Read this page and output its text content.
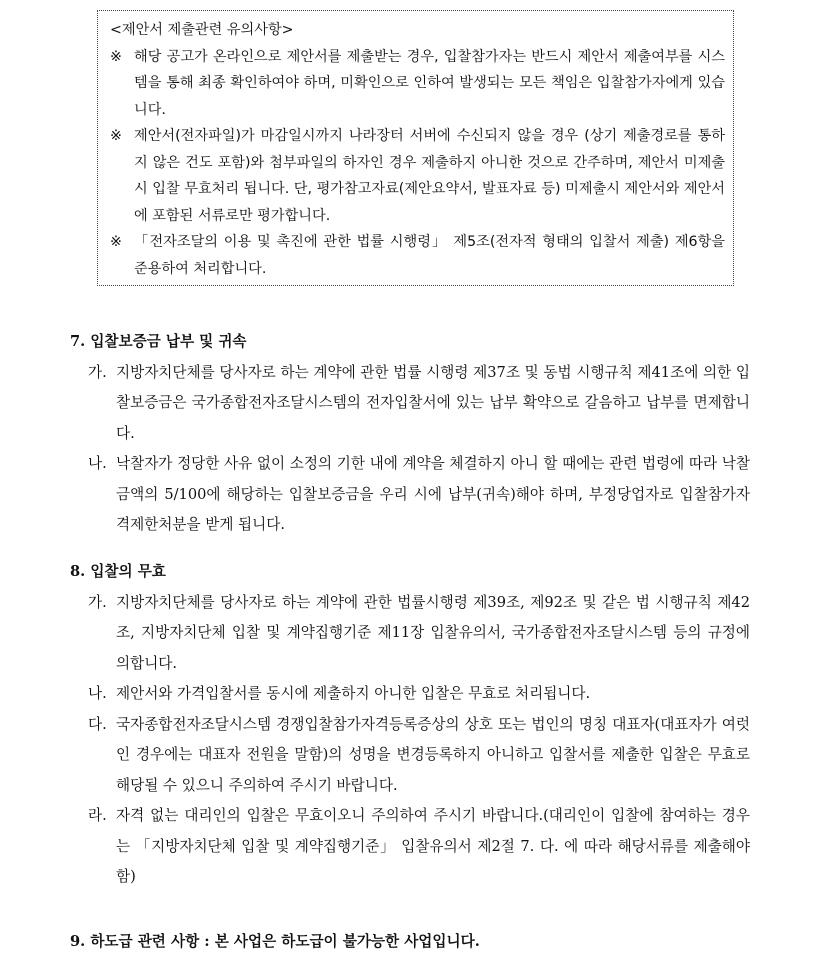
<제안서 제출관련 유의사항>
※ 해당 공고가 온라인으로 제안서를 제출받는 경우, 입찰참가자는 반드시 제안서 제출여부를 시스템을 통해 최종 확인하여야 하며, 미확인으로 인하여 발생되는 모든 책임은 입찰참가자에게 있습니다.
※ 제안서(전자파일)가 마감일시까지 나라장터 서버에 수신되지 않을 경우 (상기 제출경로를 통하지 않은 건도 포함)와 첨부파일의 하자인 경우 제출하지 아니한 것으로 간주하며, 제안서 미제출시 입찰 무효처리 됩니다. 단, 평가참고자료(제안요약서, 발표자료 등) 미제출시 제안서와 제안서에 포함된 서류로만 평가합니다.
※ 「전자조달의 이용 및 촉진에 관한 법률 시행령」 제5조(전자적 형태의 입찰서 제출) 제6항을 준용하여 처리합니다.
7. 입찰보증금 납부 및 귀속
가. 지방자치단체를 당사자로 하는 계약에 관한 법률 시행령 제37조 및 동법 시행규칙 제41조에 의한 입찰보증금은 국가종합전자조달시스템의 전자입찰서에 있는 납부 확약으로 갈음하고 납부를 면제합니다.
나. 낙찰자가 정당한 사유 없이 소정의 기한 내에 계약을 체결하지 아니 할 때에는 관련 법령에 따라 낙찰금액의 5/100에 해당하는 입찰보증금을 우리 시에 납부(귀속)해야 하며, 부정당업자로 입찰참가자격제한처분을 받게 됩니다.
8. 입찰의 무효
가. 지방자치단체를 당사자로 하는 계약에 관한 법률시행령 제39조, 제92조 및 같은 법 시행규칙 제42조, 지방자치단체 입찰 및 계약집행기준 제11장 입찰유의서, 국가종합전자조달시스템 등의 규정에 의합니다.
나. 제안서와 가격입찰서를 동시에 제출하지 아니한 입찰은 무효로 처리됩니다.
다. 국자종합전자조달시스템 경쟁입찰참가자격등록증상의 상호 또는 법인의 명칭 대표자(대표자가 여럿인 경우에는 대표자 전원을 말함)의 성명을 변경등록하지 아니하고 입찰서를 제출한 입찰은 무효로 해당될 수 있으니 주의하여 주시기 바랍니다.
라. 자격 없는 대리인의 입찰은 무효이오니 주의하여 주시기 바랍니다.(대리인이 입찰에 참여하는 경우는 「지방자치단체 입찰 및 계약집행기준」 입찰유의서 제2절 7. 다. 에 따라 해당서류를 제출해야 함)
9. 하도급 관련 사항 : 본 사업은 하도급이 불가능한 사업입니다.
